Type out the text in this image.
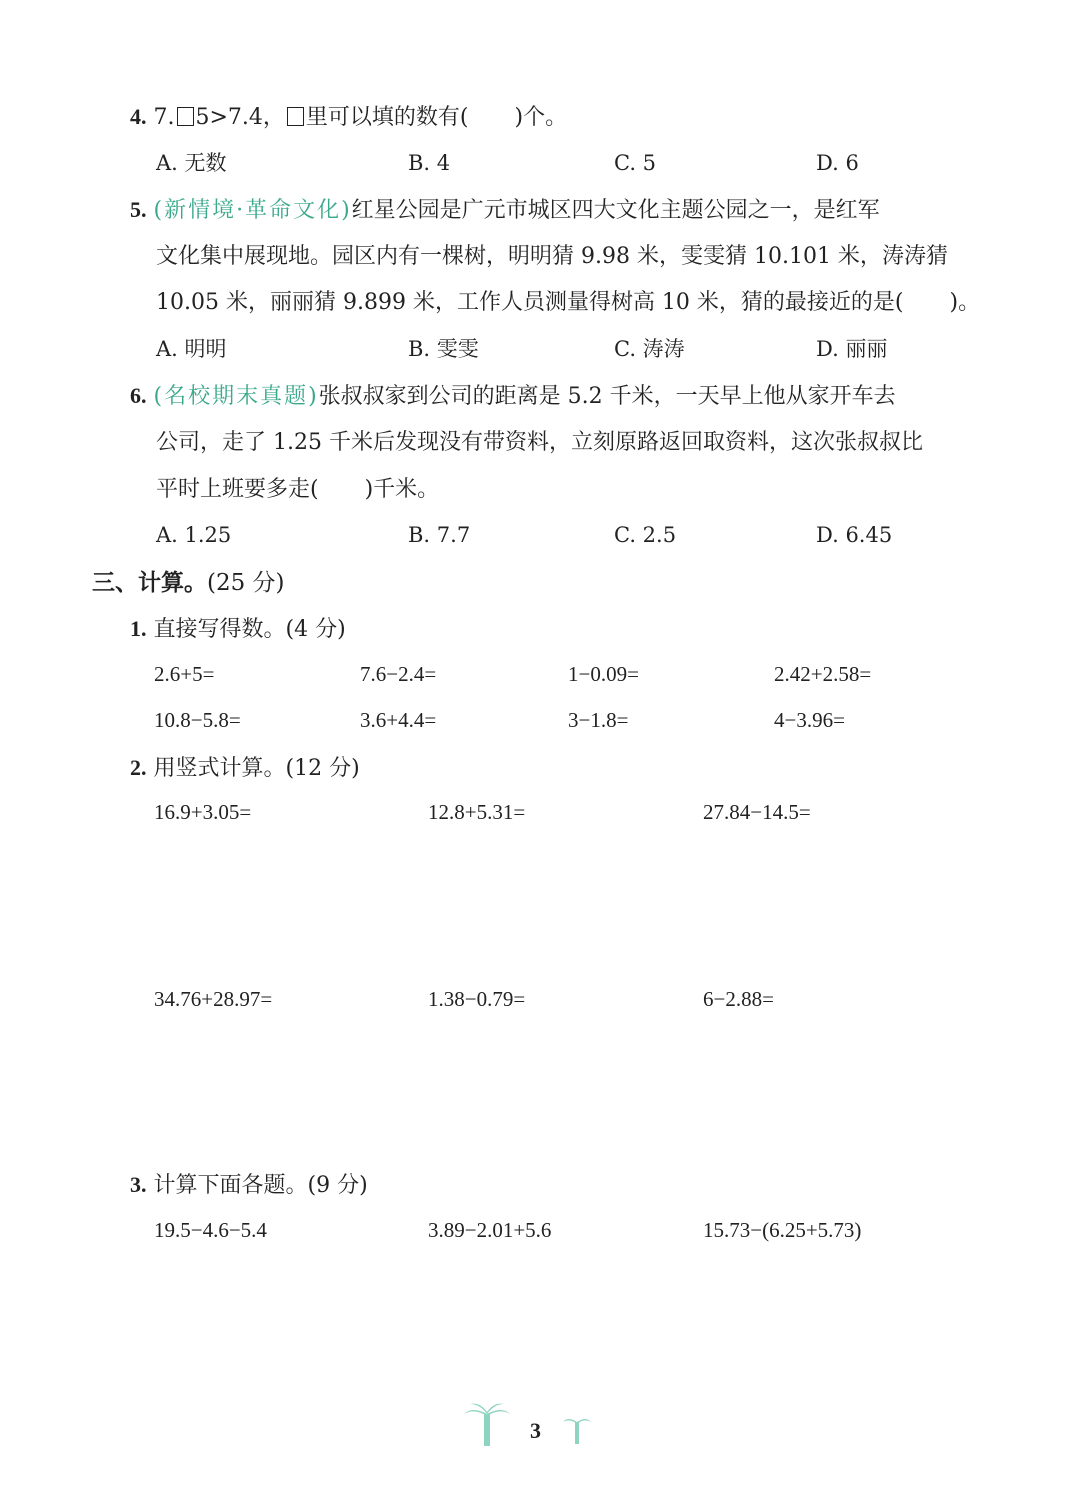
4. 7. 5>7.4， 里可以填的数有( )个。
A. 无数	B. 4	C. 5	D. 6
5. (新情境·革命文化)红星公园是广元市城区四大文化主题公园之一，是红军
文化集中展现地。园区内有一棵树，明明猜 9.98 米，雯雯猜 10.101 米，涛涛猜
10.05 米，丽丽猜 9.899 米，工作人员测量得树高 10 米，猜的最接近的是( )。
A. 明明	B. 雯雯	C. 涛涛	D. 丽丽
6. (名校期末真题)张叔叔家到公司的距离是 5.2 千米，一天早上他从家开车去
公司，走了 1.25 千米后发现没有带资料，立刻原路返回取资料，这次张叔叔比
平时上班要多走( )千米。
A. 1.25	B. 7.7	C. 2.5	D. 6.45
三、计算。(25 分)
1. 直接写得数。(4 分)
2.6+5=	7.6−2.4=	1−0.09=	2.42+2.58=
10.8−5.8=	3.6+4.4=	3−1.8=	4−3.96=
2. 用竖式计算。(12 分)
16.9+3.05=	12.8+5.31=	27.84−14.5=
34.76+28.97=	1.38−0.79=	6−2.88=
3. 计算下面各题。(9 分)
19.5−4.6−5.4	3.89−2.01+5.6	15.73−(6.25+5.73)
3
